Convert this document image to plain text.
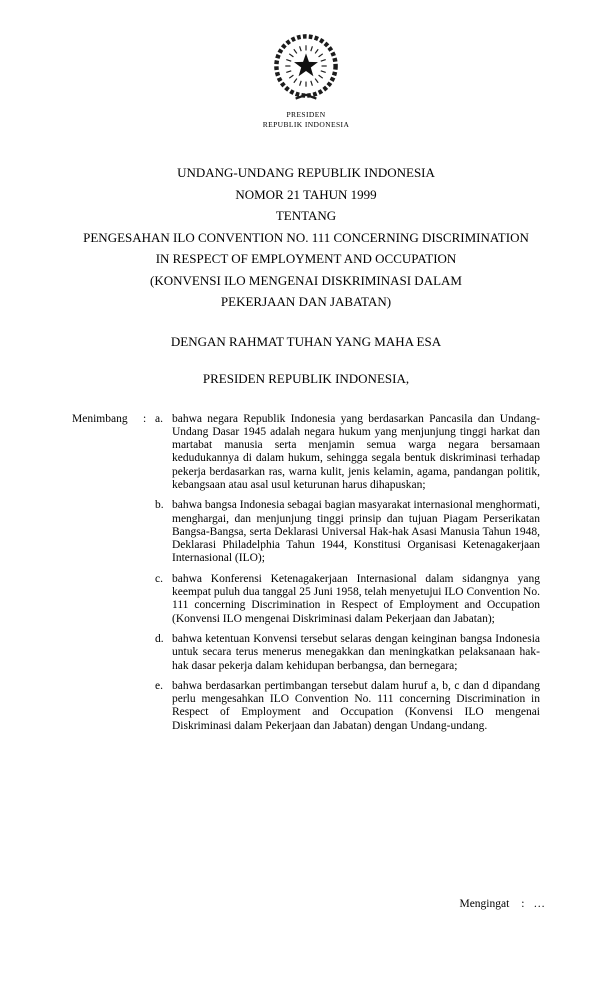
PRESIDEN
REPUBLIK INDONESIA
UNDANG-UNDANG REPUBLIK INDONESIA
NOMOR 21 TAHUN 1999
TENTANG
PENGESAHAN ILO CONVENTION NO. 111 CONCERNING DISCRIMINATION
IN RESPECT OF EMPLOYMENT AND OCCUPATION
(KONVENSI ILO MENGENAI DISKRIMINASI DALAM
PEKERJAAN DAN JABATAN)

DENGAN RAHMAT TUHAN YANG MAHA ESA

PRESIDEN REPUBLIK INDONESIA,

Menimbang	: a. bahwa negara Republik Indonesia yang berdasarkan Pancasila dan Undang-Undang Dasar 1945 adalah negara hukum yang menjunjung tinggi harkat dan martabat manusia serta menjamin semua warga negara bersamaan kedudukannya di dalam hukum, sehingga segala bentuk diskriminasi terhadap pekerja berdasarkan ras, warna kulit, jenis kelamin, agama, pandangan politik, kebangsaan atau asal usul keturunan harus dihapuskan;
b. bahwa bangsa Indonesia sebagai bagian masyarakat internasional menghormati, menghargai, dan menjunjung tinggi prinsip dan tujuan Piagam Perserikatan Bangsa-Bangsa, serta Deklarasi Universal Hak-hak Asasi Manusia Tahun 1948, Deklarasi Philadelphia Tahun 1944, Konstitusi Organisasi Ketenagakerjaan Internasional (ILO);
c. bahwa Konferensi Ketenagakerjaan Internasional dalam sidangnya yang keempat puluh dua tanggal 25 Juni 1958, telah menyetujui ILO Convention No. 111 concerning Discrimination in Respect of Employment and Occupation (Konvensi ILO mengenai Diskriminasi dalam Pekerjaan dan Jabatan);
d. bahwa ketentuan Konvensi tersebut selaras dengan keinginan bangsa Indonesia untuk secara terus menerus menegakkan dan meningkatkan pelaksanaan hak-hak dasar pekerja dalam kehidupan berbangsa, dan bernegara;
e. bahwa berdasarkan pertimbangan tersebut dalam huruf a, b, c dan d dipandang perlu mengesahkan ILO Convention No. 111 concerning Discrimination in Respect of Employment and Occupation (Konvensi ILO mengenai Diskriminasi dalam Pekerjaan dan Jabatan) dengan Undang-undang.
Mengingat : …
